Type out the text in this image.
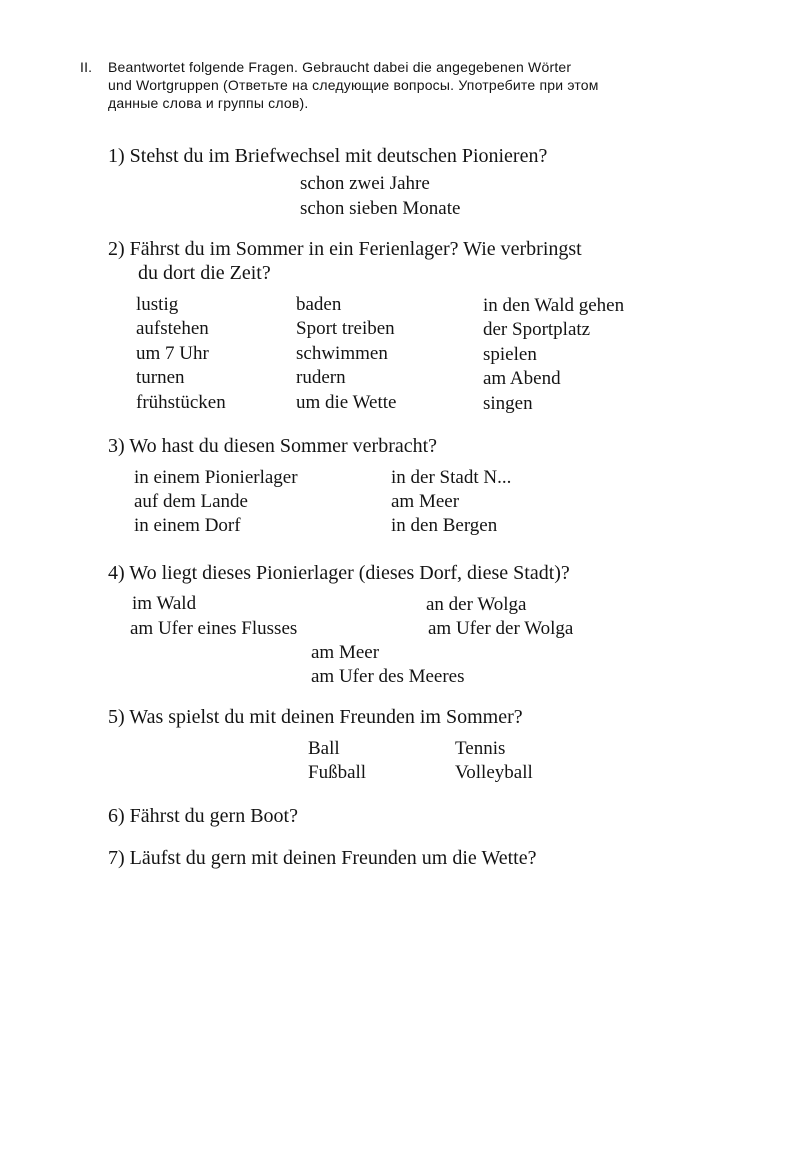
II. Beantwortet folgende Fragen. Gebraucht dabei die angegebenen Wörter
und Wortgruppen (Ответьте на следующие вопросы. Употребите при этом
данные слова и группы слов).
1) Stehst du im Briefwechsel mit deutschen Pionieren?
schon zwei Jahre
schon sieben Monate
2) Fährst du im Sommer in ein Ferienlager? Wie verbringst
du dort die Zeit?
lustig
aufstehen
um 7 Uhr
turnen
frühstücken
baden
Sport treiben
schwimmen
rudern
um die Wette
in den Wald gehen
der Sportplatz
spielen
am Abend
singen
3) Wo hast du diesen Sommer verbracht?
in einem Pionierlager
auf dem Lande
in einem Dorf
in der Stadt N...
am Meer
in den Bergen
4) Wo liegt dieses Pionierlager (dieses Dorf, diese Stadt)?
im Wald
am Ufer eines Flusses
an der Wolga
am Ufer der Wolga
am Meer
am Ufer des Meeres
5) Was spielst du mit deinen Freunden im Sommer?
Ball
Fußball
Tennis
Volleyball
6) Fährst du gern Boot?
7) Läufst du gern mit deinen Freunden um die Wette?
